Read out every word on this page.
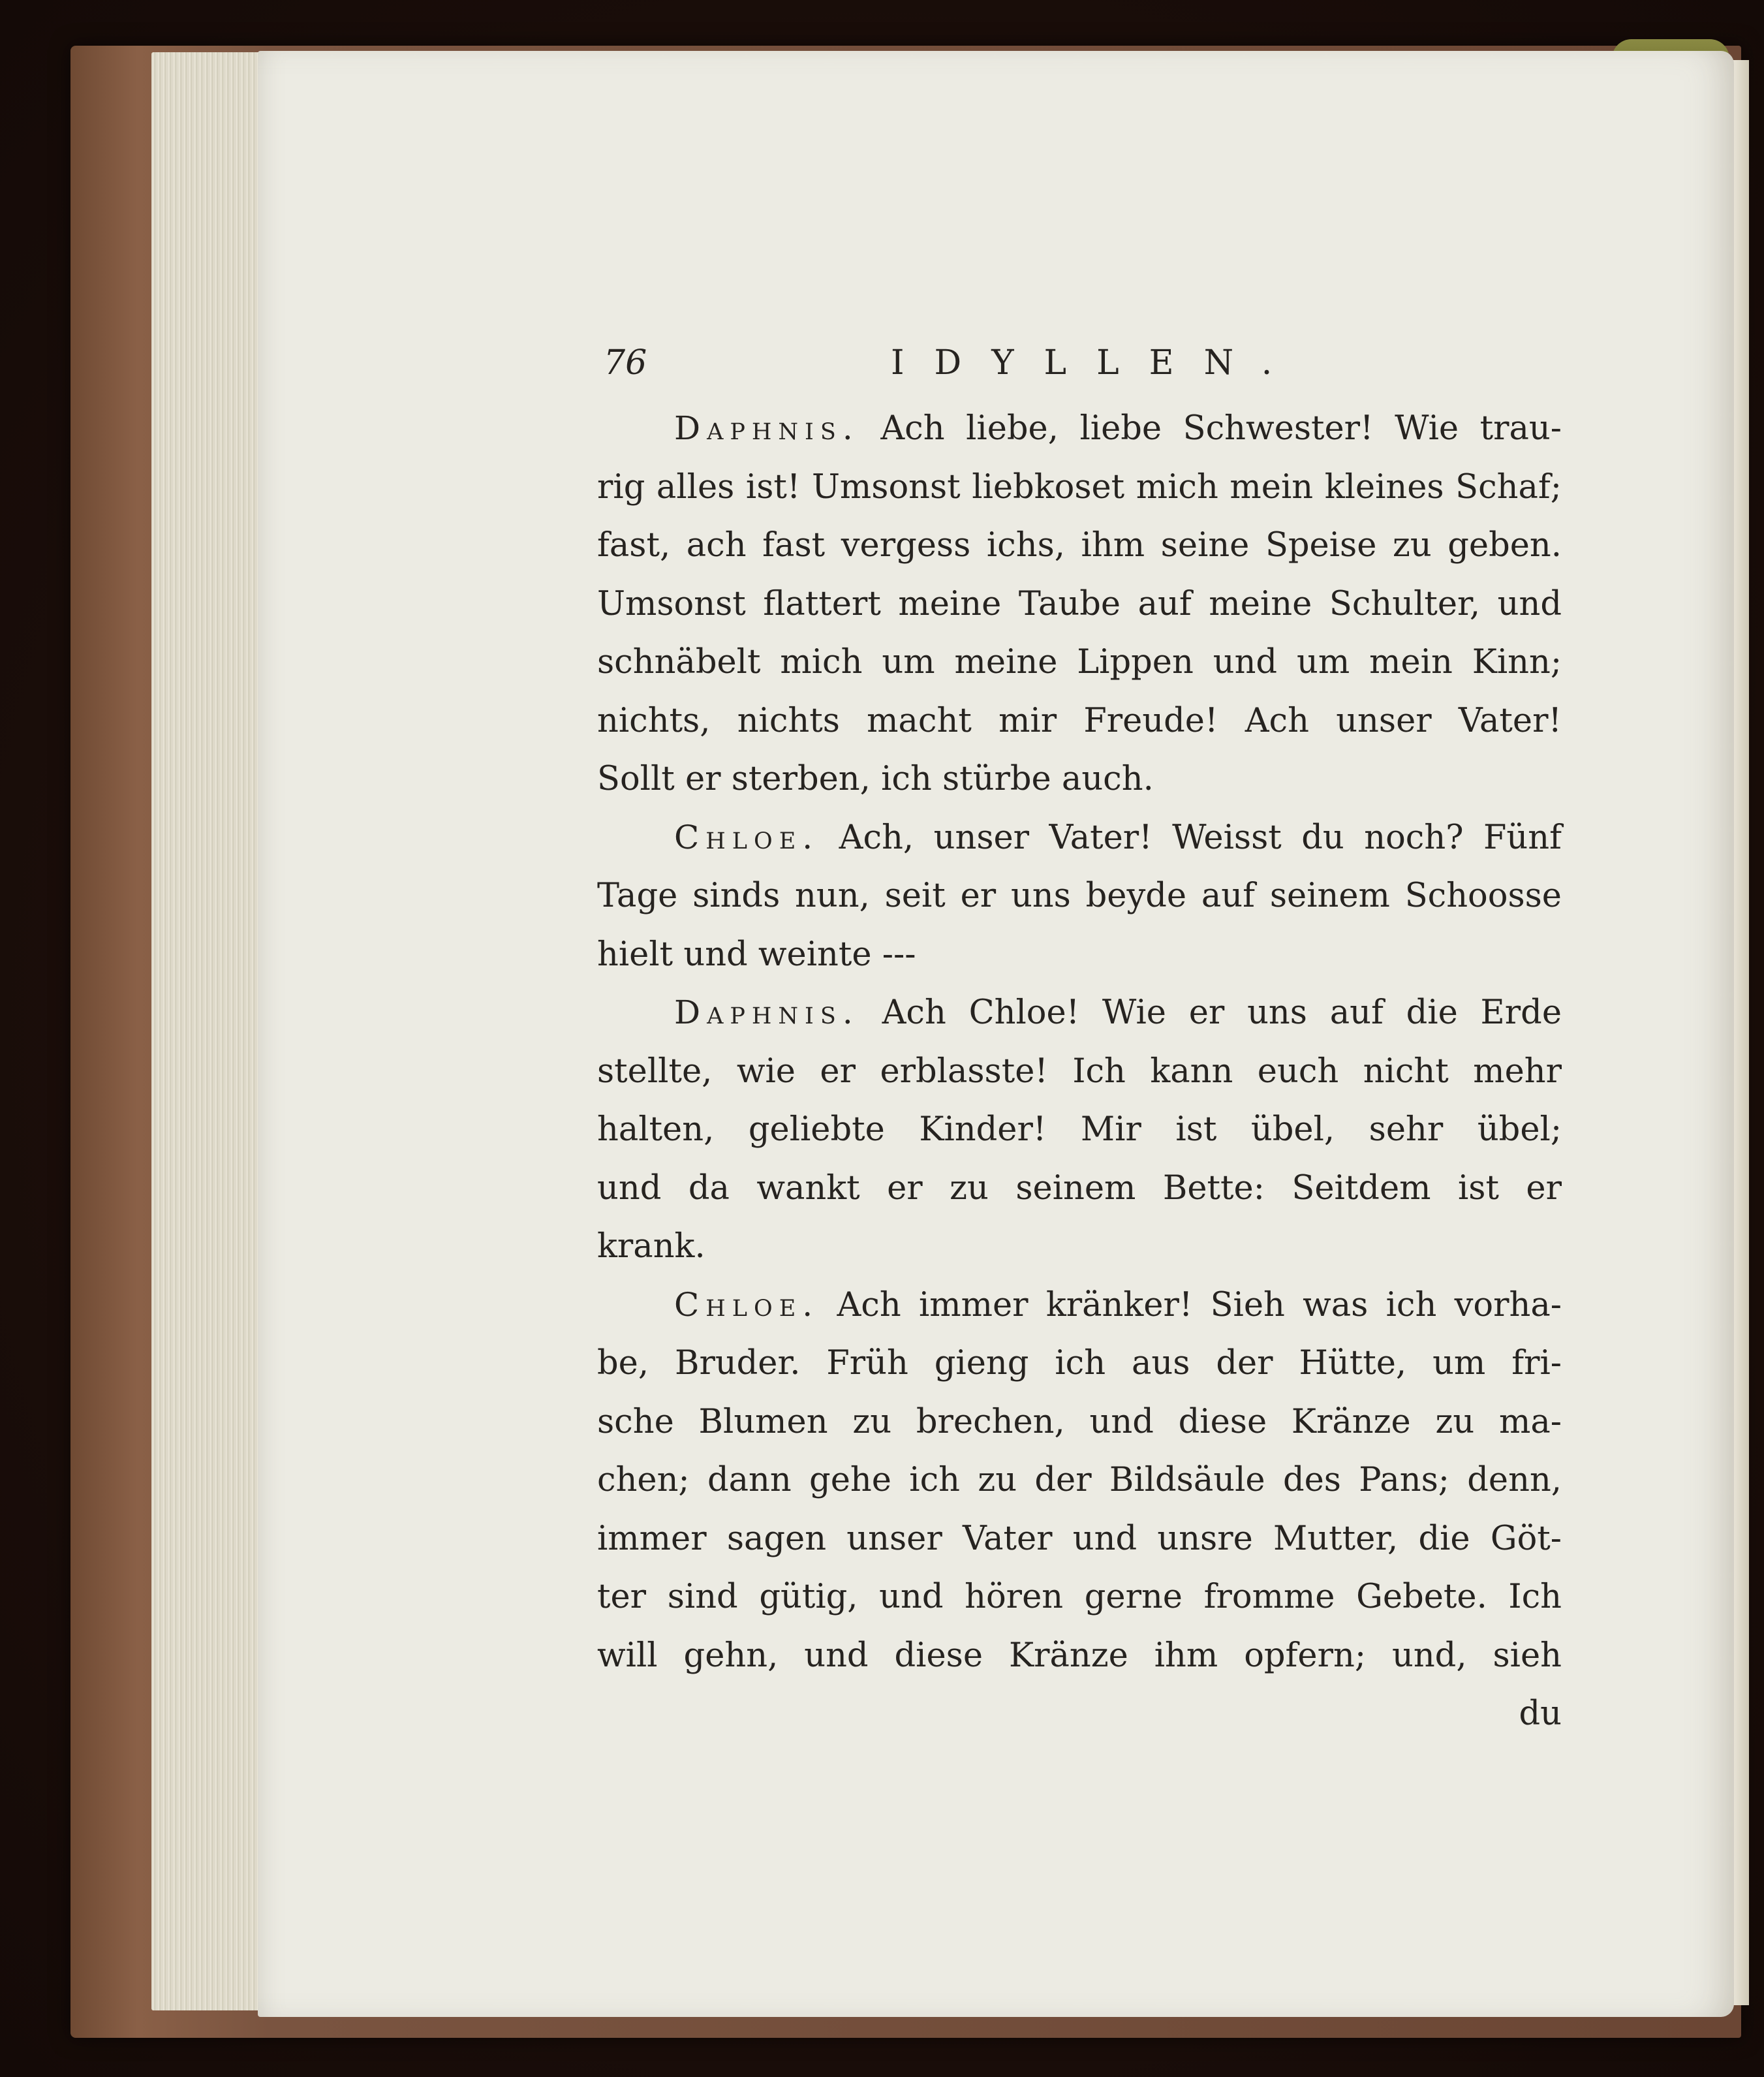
76	IDYLLEN.
Daphnis. Ach liebe, liebe Schwester! Wie trau-
rig alles ist! Umsonst liebkoset mich mein kleines Schaf;
fast, ach fast vergess ichs, ihm seine Speise zu geben.
Umsonst flattert meine Taube auf meine Schulter, und
schnäbelt mich um meine Lippen und um mein Kinn;
nichts, nichts macht mir Freude! Ach unser Vater!
Sollt er sterben, ich stürbe auch.
Chloe. Ach, unser Vater! Weisst du noch? Fünf
Tage sinds nun, seit er uns beyde auf seinem Schoosse
hielt und weinte ---
Daphnis. Ach Chloe! Wie er uns auf die Erde
stellte, wie er erblasste! Ich kann euch nicht mehr
halten, geliebte Kinder! Mir ist übel, sehr übel;
und da wankt er zu seinem Bette: Seitdem ist er
krank.
Chloe. Ach immer kränker! Sieh was ich vorha-
be, Bruder. Früh gieng ich aus der Hütte, um fri-
sche Blumen zu brechen, und diese Kränze zu ma-
chen; dann gehe ich zu der Bildsäule des Pans; denn,
immer sagen unser Vater und unsre Mutter, die Göt-
ter sind gütig, und hören gerne fromme Gebete. Ich
will gehn, und diese Kränze ihm opfern; und, sieh
du
